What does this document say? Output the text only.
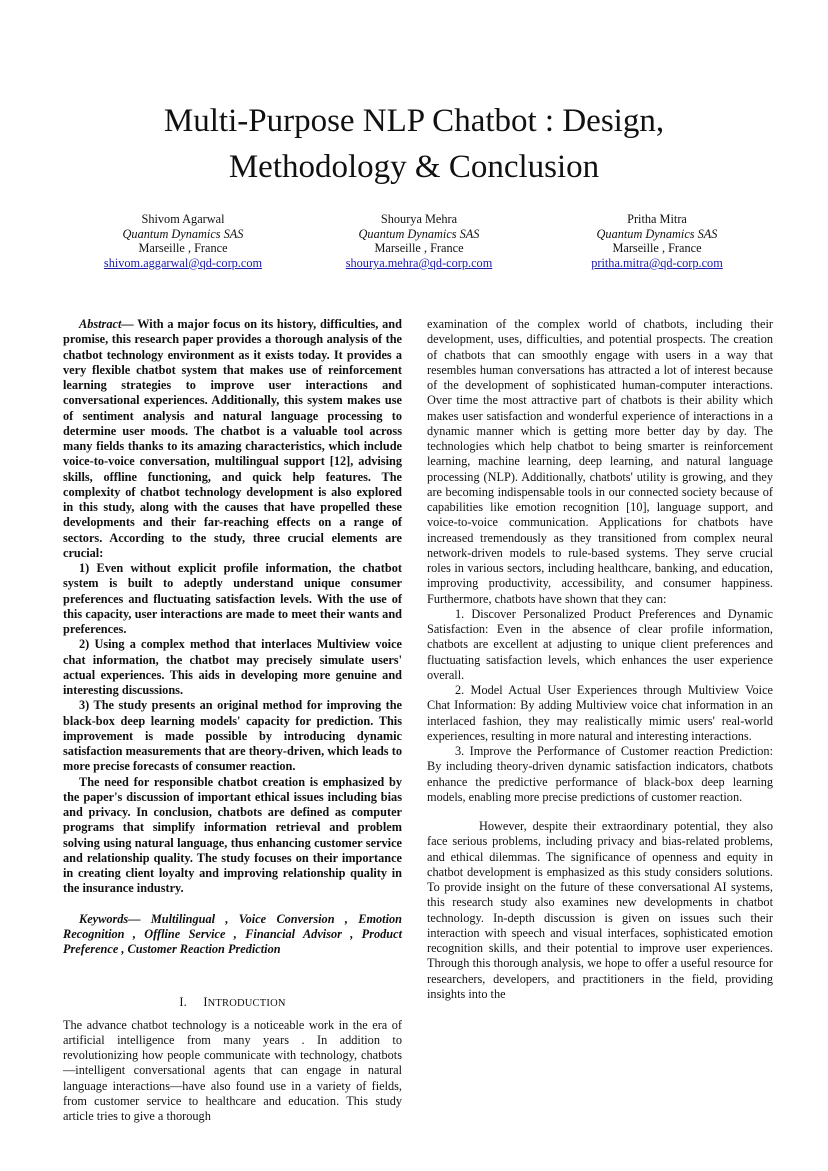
Multi-Purpose NLP Chatbot : Design,
Methodology & Conclusion
Shivom Agarwal
Quantum Dynamics SAS
Marseille , France
shivom.aggarwal@qd-corp.com
Shourya Mehra
Quantum Dynamics SAS
Marseille , France
shourya.mehra@qd-corp.com
Pritha Mitra
Quantum Dynamics SAS
Marseille , France
pritha.mitra@qd-corp.com

Abstract— With a major focus on its history, difficulties, and promise, this research paper provides a thorough analysis of the chatbot technology environment as it exists today. It provides a very flexible chatbot system that makes use of reinforcement learning strategies to improve user interactions and conversational experiences. Additionally, this system makes use of sentiment analysis and natural language processing to determine user moods. The chatbot is a valuable tool across many fields thanks to its amazing characteristics, which include voice-to-voice conversation, multilingual support [12], advising skills, offline functioning, and quick help features. The complexity of chatbot technology development is also explored in this study, along with the causes that have propelled these developments and their far-reaching effects on a range of sectors. According to the study, three crucial elements are crucial:

1) Even without explicit profile information, the chatbot system is built to adeptly understand unique consumer preferences and fluctuating satisfaction levels. With the use of this capacity, user interactions are made to meet their wants and preferences.

2) Using a complex method that interlaces Multiview voice chat information, the chatbot may precisely simulate users' actual experiences. This aids in developing more genuine and interesting discussions.

3) The study presents an original method for improving the black-box deep learning models' capacity for prediction. This improvement is made possible by introducing dynamic satisfaction measurements that are theory-driven, which leads to more precise forecasts of consumer reaction.

The need for responsible chatbot creation is emphasized by the paper's discussion of important ethical issues including bias and privacy. In conclusion, chatbots are defined as computer programs that simplify information retrieval and problem solving using natural language, thus enhancing customer service and relationship quality. The study focuses on their importance in creating client loyalty and improving relationship quality in the insurance industry.

Keywords— Multilingual , Voice Conversion , Emotion Recognition , Offline Service , Financial Advisor , Product Preference , Customer Reaction Prediction

I. INTRODUCTION

The advance chatbot technology is a noticeable work in the era of artificial intelligence from many years . In addition to revolutionizing how people communicate with technology, chatbots—intelligent conversational agents that can engage in natural language interactions—have also found use in a variety of fields, from customer service to healthcare and education. This study article tries to give a thorough

examination of the complex world of chatbots, including their development, uses, difficulties, and potential prospects. The creation of chatbots that can smoothly engage with users in a way that resembles human conversations has attracted a lot of interest because of the development of sophisticated human-computer interactions. Over time the most attractive part of chatbots is their ability which makes user satisfaction and wonderful experience of interactions in a dynamic manner which is getting more better day by day. The technologies which help chatbot to being smarter is reinforcement learning, machine learning, deep learning, and natural language processing (NLP). Additionally, chatbots' utility is growing, and they are becoming indispensable tools in our connected society because of capabilities like emotion recognition [10], language support, and voice-to-voice communication. Applications for chatbots have increased tremendously as they transitioned from complex neural network-driven models to rule-based systems. They serve crucial roles in various sectors, including healthcare, banking, and education, improving productivity, accessibility, and consumer happiness. Furthermore, chatbots have shown that they can:

1. Discover Personalized Product Preferences and Dynamic Satisfaction: Even in the absence of clear profile information, chatbots are excellent at adjusting to unique client preferences and fluctuating satisfaction levels, which enhances the user experience overall.

2. Model Actual User Experiences through Multiview Voice Chat Information: By adding Multiview voice chat information in an interlaced fashion, they may realistically mimic users' real-world experiences, resulting in more natural and interesting interactions.

3. Improve the Performance of Customer reaction Prediction: By including theory-driven dynamic satisfaction indicators, chatbots enhance the predictive performance of black-box deep learning models, enabling more precise predictions of customer reaction.

However, despite their extraordinary potential, they also face serious problems, including privacy and bias-related problems, and ethical dilemmas. The significance of openness and equity in chatbot development is emphasized as this study considers solutions. To provide insight on the future of these conversational AI systems, this research study also examines new developments in chatbot technology. In-depth discussion is given on issues such their interaction with speech and visual interfaces, sophisticated emotion recognition skills, and their potential to improve user experiences. Through this thorough analysis, we hope to offer a useful resource for researchers, developers, and practitioners in the field, providing insights into the
